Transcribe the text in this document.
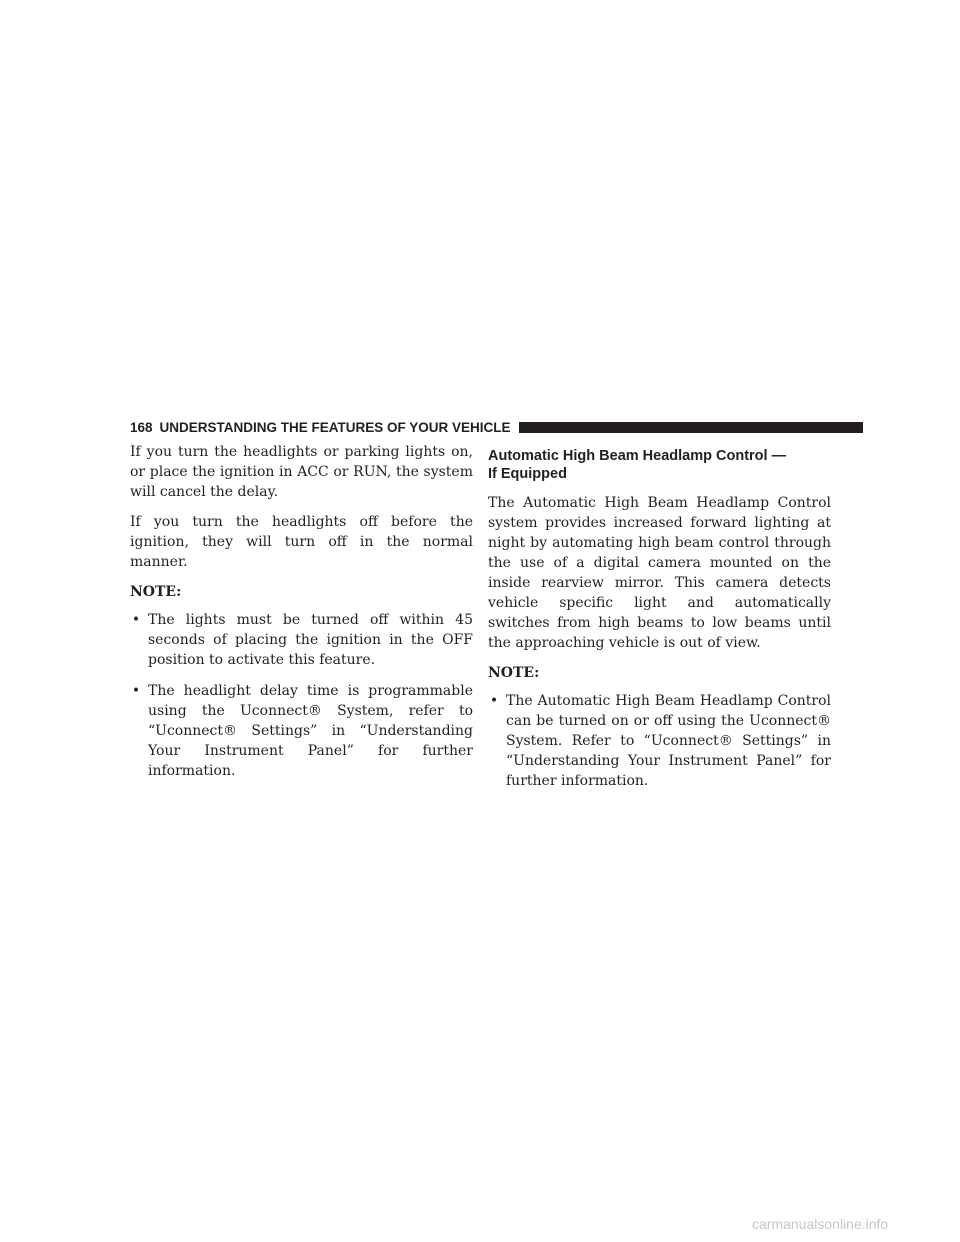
168 UNDERSTANDING THE FEATURES OF YOUR VEHICLE

If you turn the headlights or parking lights on, or place the ignition in ACC or RUN, the system will cancel the delay.

If you turn the headlights off before the ignition, they will turn off in the normal manner.

NOTE:
• The lights must be turned off within 45 seconds of placing the ignition in the OFF position to activate this feature.
• The headlight delay time is programmable using the Uconnect® System, refer to “Uconnect® Settings” in “Understanding Your Instrument Panel” for further information.
Automatic High Beam Headlamp Control —
If Equipped

The Automatic High Beam Headlamp Control system provides increased forward lighting at night by automating high beam control through the use of a digital camera mounted on the inside rearview mirror. This camera detects vehicle specific light and automatically switches from high beams to low beams until the approaching vehicle is out of view.

NOTE:
• The Automatic High Beam Headlamp Control can be turned on or off using the Uconnect® System. Refer to “Uconnect® Settings” in “Understanding Your Instrument Panel” for further information.
carmanualsonline.info
